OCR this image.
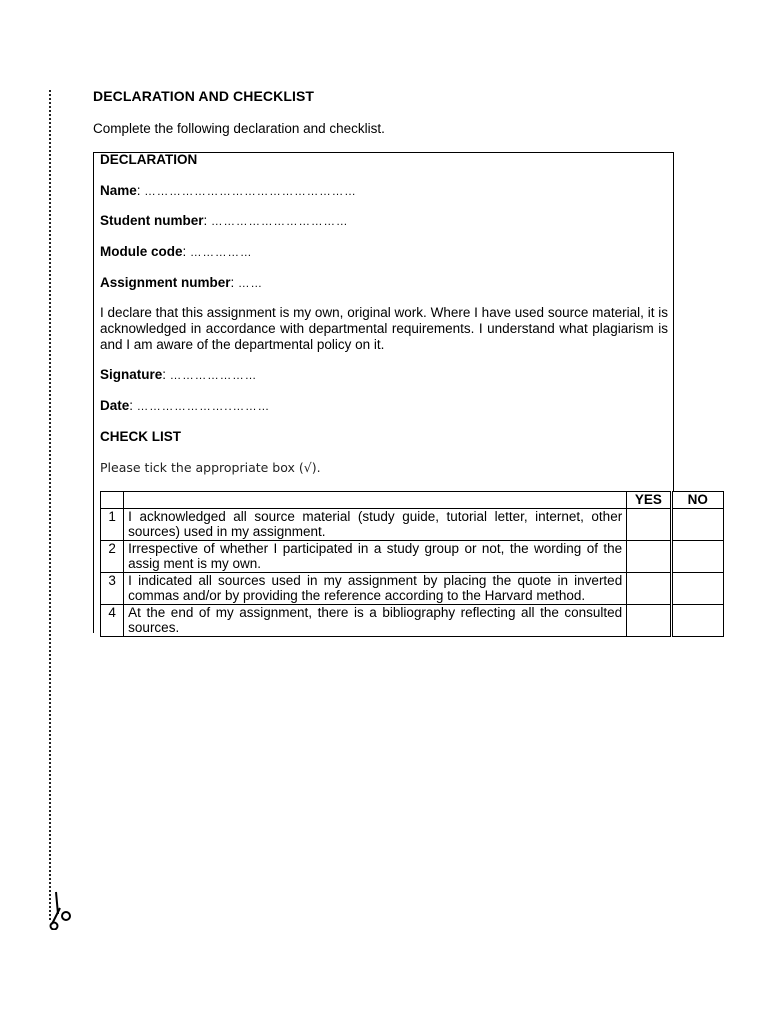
DECLARATION AND CHECKLIST
Complete the following declaration and checklist.
DECLARATION
Name: ……………………………………………
Student number: ……………………………
Module code: ……………
Assignment number: ……
I declare that this assignment is my own, original work. Where I have used source material, it is acknowledged in accordance with departmental requirements. I understand what plagiarism is and I am aware of the departmental policy on it.
Signature: …………………
Date: …………………..………
CHECK LIST
Please tick the appropriate box (√).
		YES	NO
1	I acknowledged all source material (study guide, tutorial letter, internet, other sources) used in my assignment.		
2	Irrespective of whether I participated in a study group or not, the wording of the assig ment is my own.		
3	I indicated all sources used in my assignment by placing the quote in inverted commas and/or by providing the reference according to the Harvard method.		
4	At the end of my assignment, there is a bibliography reflecting all the consulted sources.		
